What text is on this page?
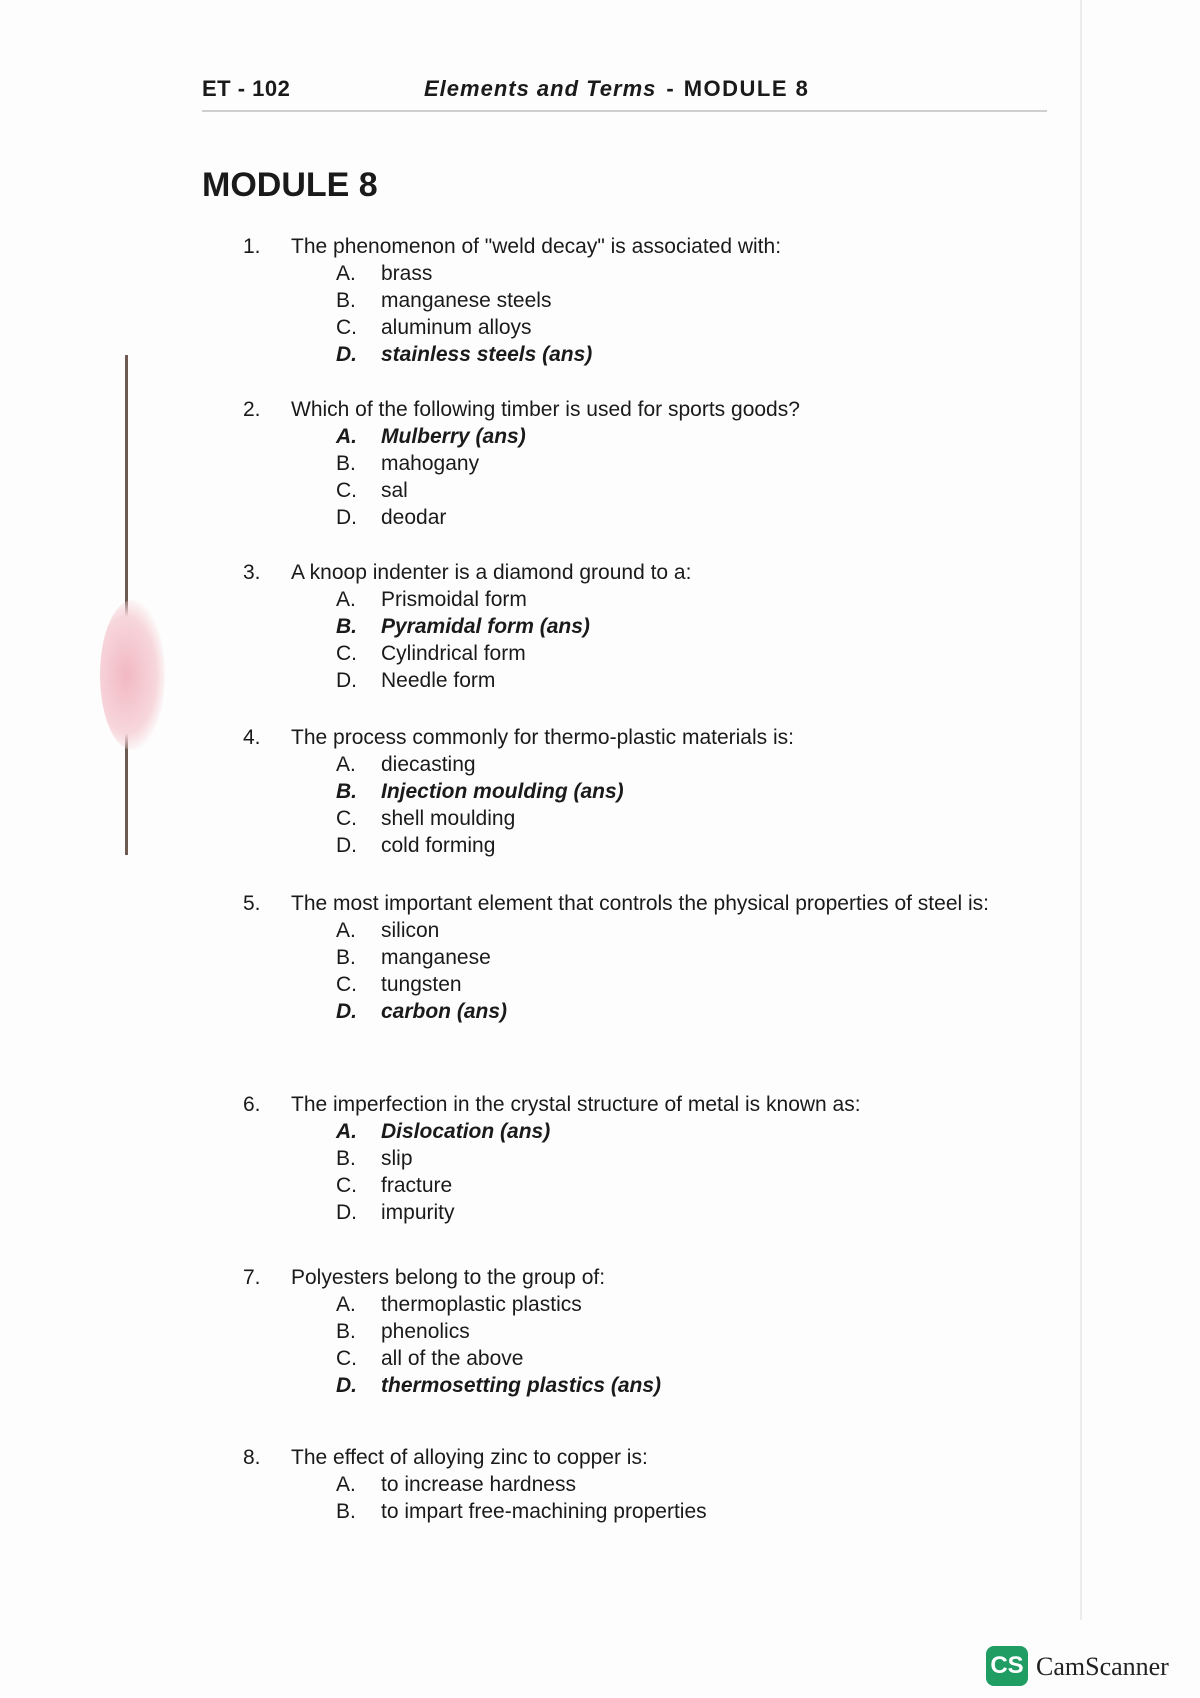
ET - 102	Elements and Terms - MODULE 8
MODULE 8
1.	The phenomenon of "weld decay" is associated with:
A.	brass
B.	manganese steels
C.	aluminum alloys
D.	stainless steels (ans)
2.	Which of the following timber is used for sports goods?
A.	Mulberry (ans)
B.	mahogany
C.	sal
D.	deodar
3.	A knoop indenter is a diamond ground to a:
A.	Prismoidal form
B.	Pyramidal form (ans)
C.	Cylindrical form
D.	Needle form
4.	The process commonly for thermo-plastic materials is:
A.	diecasting
B.	Injection moulding (ans)
C.	shell moulding
D.	cold forming
5.	The most important element that controls the physical properties of steel is:
A.	silicon
B.	manganese
C.	tungsten
D.	carbon (ans)
6.	The imperfection in the crystal structure of metal is known as:
A.	Dislocation (ans)
B.	slip
C.	fracture
D.	impurity
7.	Polyesters belong to the group of:
A.	thermoplastic plastics
B.	phenolics
C.	all of the above
D.	thermosetting plastics (ans)
8.	The effect of alloying zinc to copper is:
A.	to increase hardness
B.	to impart free-machining properties
CS CamScanner
